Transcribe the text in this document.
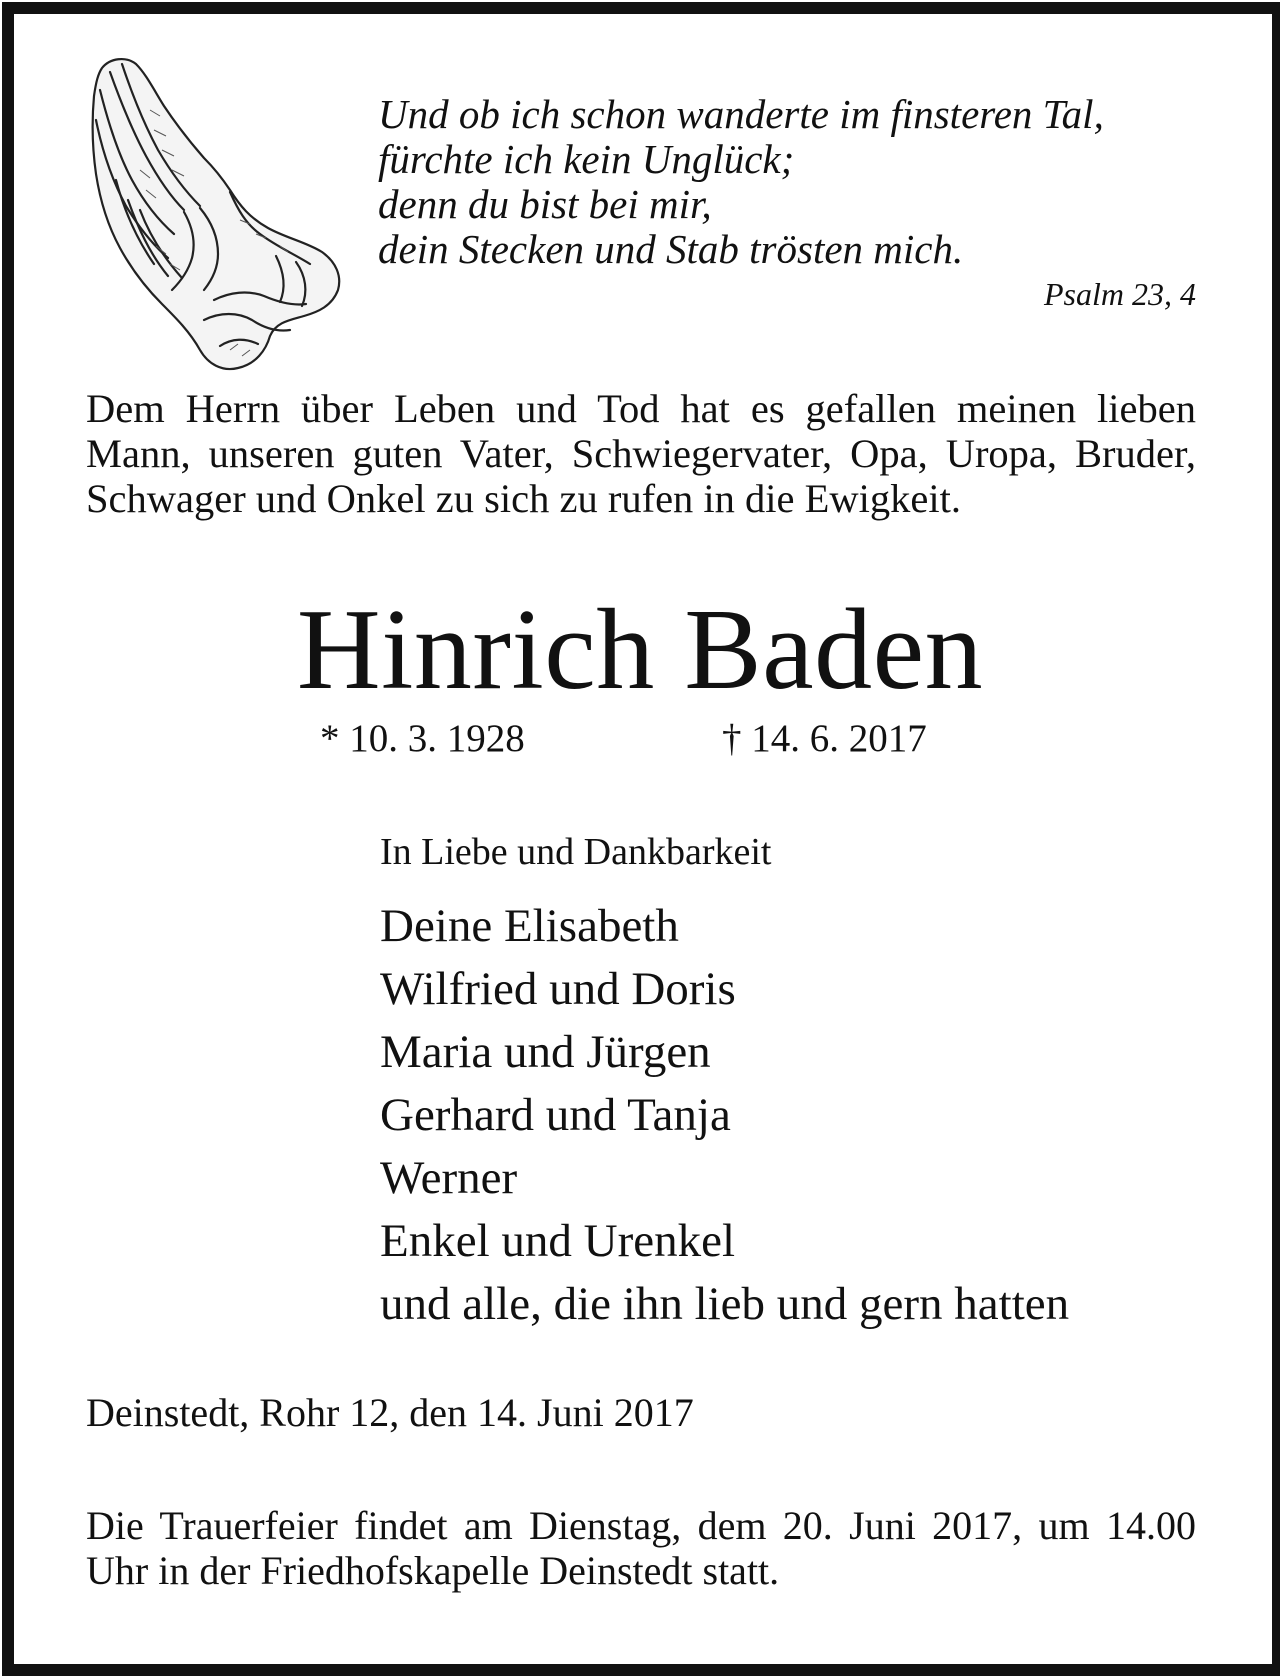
Und ob ich schon wanderte im finsteren Tal,
fürchte ich kein Unglück;
denn du bist bei mir,
dein Stecken und Stab trösten mich.
Psalm 23, 4
Dem Herrn über Leben und Tod hat es gefallen meinen lieben Mann, unseren guten Vater, Schwiegervater, Opa, Uropa, Bruder, Schwager und Onkel zu sich zu rufen in die Ewigkeit.
Hinrich Baden
* 10. 3. 1928	† 14. 6. 2017
In Liebe und Dankbarkeit
Deine Elisabeth
Wilfried und Doris
Maria und Jürgen
Gerhard und Tanja
Werner
Enkel und Urenkel
und alle, die ihn lieb und gern hatten
Deinstedt, Rohr 12, den 14. Juni 2017
Die Trauerfeier findet am Dienstag, dem 20. Juni 2017, um 14.00 Uhr in der Friedhofskapelle Deinstedt statt.
